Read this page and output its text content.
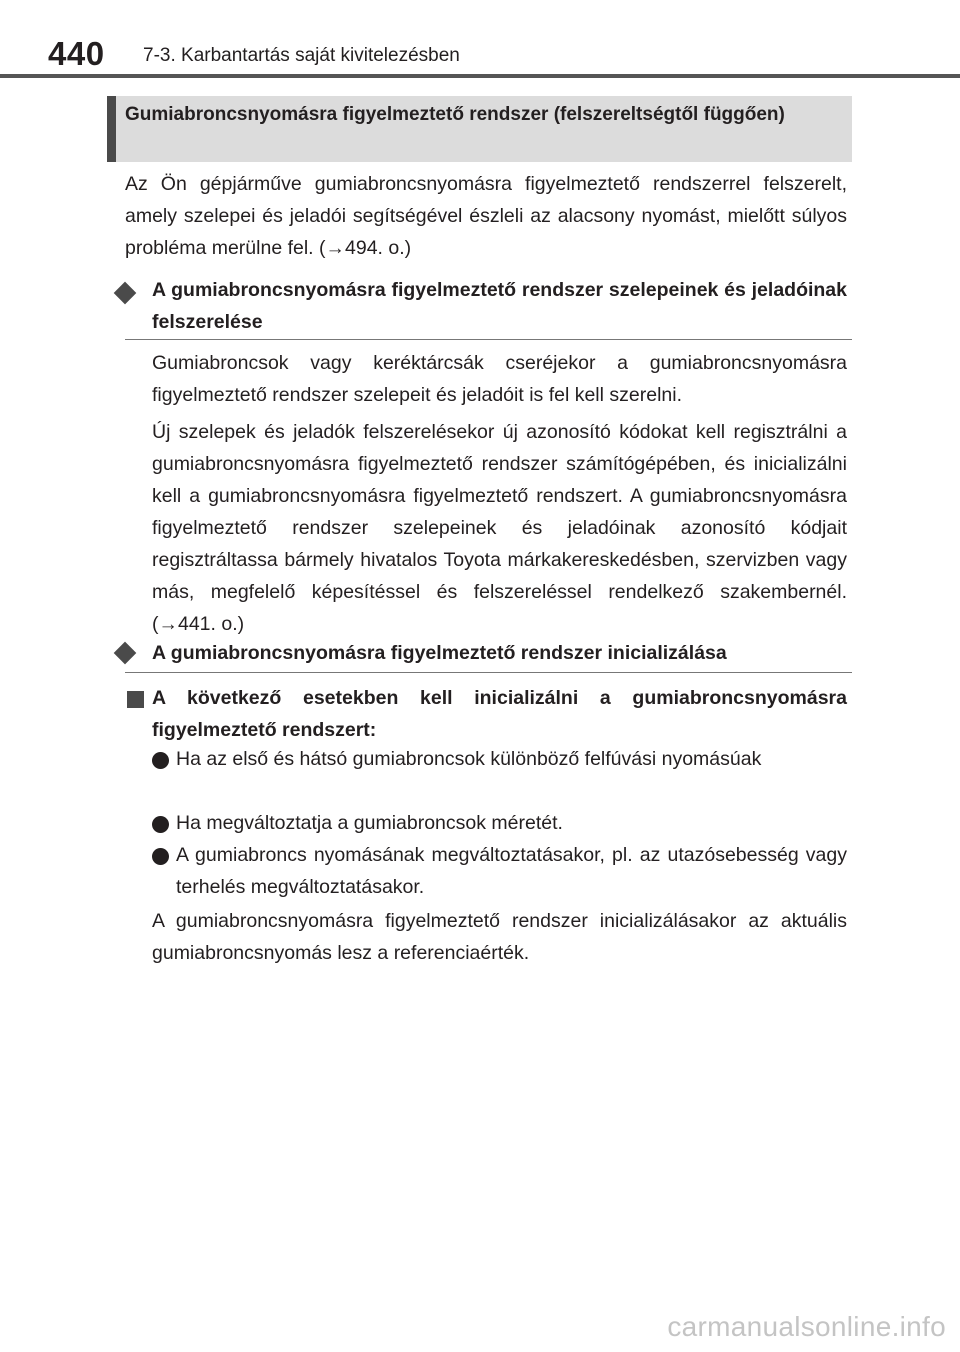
440 7-3. Karbantartás saját kivitelezésben
Gumiabroncsnyomásra figyelmeztető rendszer (felszereltségtől függően)

Az Ön gépjárműve gumiabroncsnyomásra figyelmeztető rendszerrel felszerelt, amely szelepei és jeladói segítségével észleli az alacsony nyomást, mielőtt súlyos probléma merülne fel. (→494. o.)

A gumiabroncsnyomásra figyelmeztető rendszer szelepeinek és jeladóinak felszerelése

Gumiabroncsok vagy keréktárcsák cseréjekor a gumiabroncsnyomásra figyelmeztető rendszer szelepeit és jeladóit is fel kell szerelni.

Új szelepek és jeladók felszerelésekor új azonosító kódokat kell regisztrálni a gumiabroncsnyomásra figyelmeztető rendszer számítógépében, és inicializálni kell a gumiabroncsnyomásra figyelmeztető rendszert. A gumiabroncsnyomásra figyelmeztető rendszer szelepeinek és jeladóinak azonosító kódjait regisztráltassa bármely hivatalos Toyota márkakereskedésben, szervizben vagy más, megfelelő képesítéssel és felszereléssel rendelkező szakembernél. (→441. o.)

A gumiabroncsnyomásra figyelmeztető rendszer inicializálása
A következő esetekben kell inicializálni a gumiabroncsnyomásra figyelmeztető rendszert:

Ha az első és hátsó gumiabroncsok különböző felfúvási nyomásúak

Ha megváltoztatja a gumiabroncsok méretét.

A gumiabroncs nyomásának megváltoztatásakor, pl. az utazósebesség vagy terhelés megváltoztatásakor.

A gumiabroncsnyomásra figyelmeztető rendszer inicializálásakor az aktuális gumiabroncsnyomás lesz a referenciaérték.

carmanualsonline.info
